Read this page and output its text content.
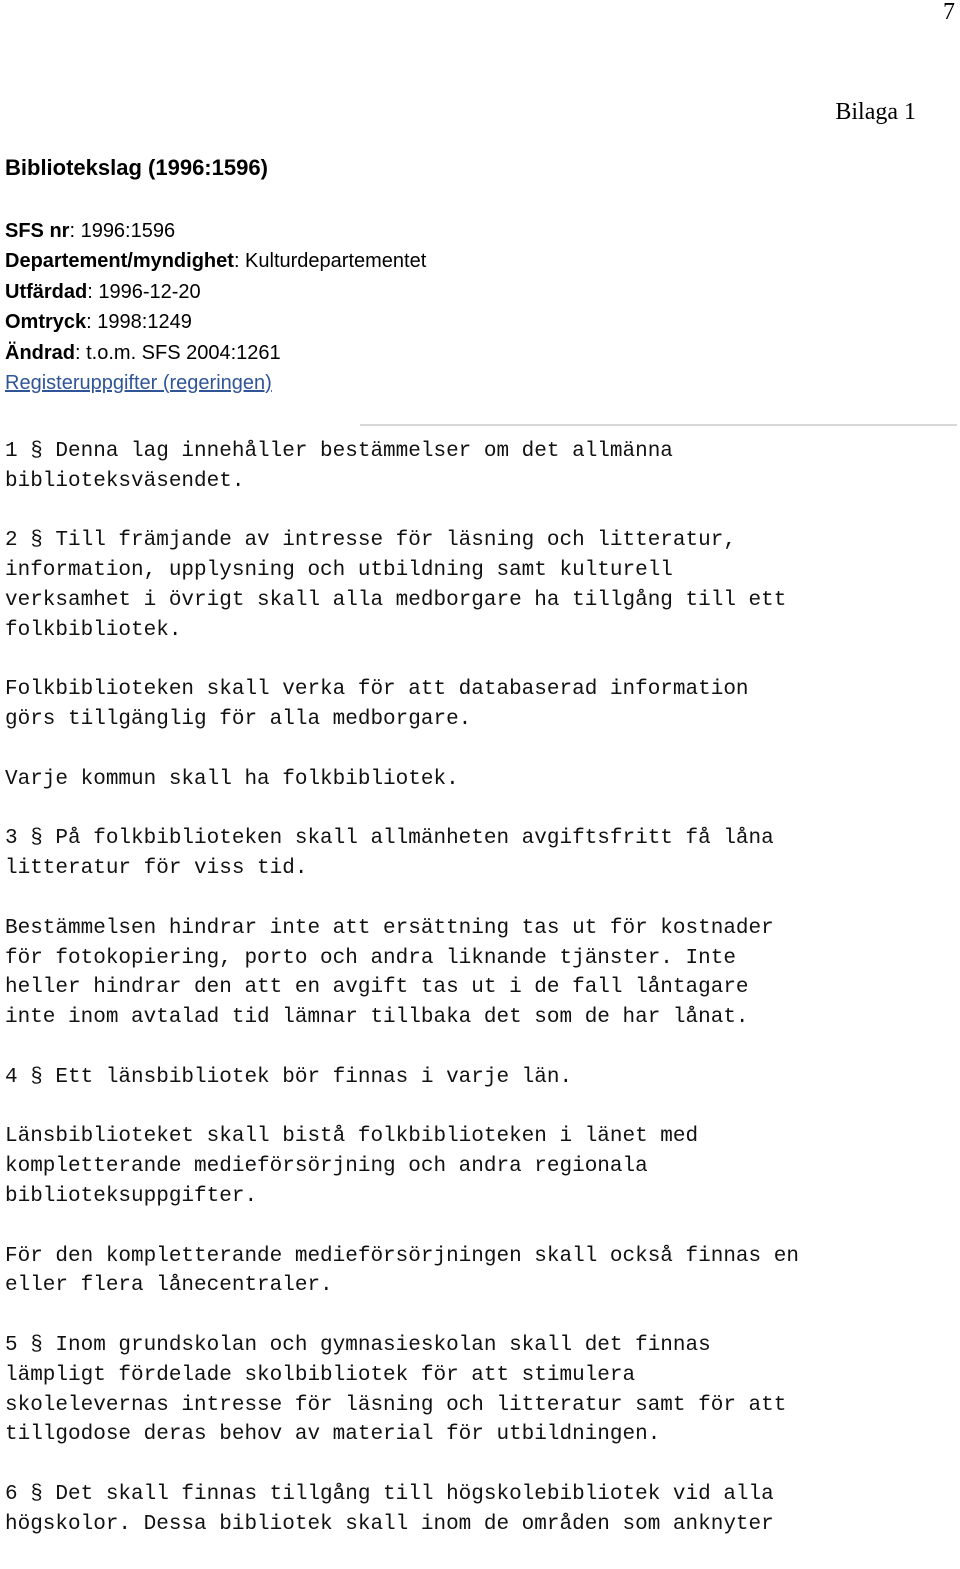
7
Bilaga 1
Bibliotekslag (1996:1596)
SFS nr: 1996:1596
Departement/myndighet: Kulturdepartementet
Utfärdad: 1996-12-20
Omtryck: 1998:1249
Ändrad: t.o.m. SFS 2004:1261
Registeruppgifter (regeringen)

1 § Denna lag innehåller bestämmelser om det allmänna
biblioteksväsendet.

2 § Till främjande av intresse för läsning och litteratur,
information, upplysning och utbildning samt kulturell
verksamhet i övrigt skall alla medborgare ha tillgång till ett
folkbibliotek.

Folkbiblioteken skall verka för att databaserad information
görs tillgänglig för alla medborgare.

Varje kommun skall ha folkbibliotek.

3 § På folkbiblioteken skall allmänheten avgiftsfritt få låna
litteratur för viss tid.

Bestämmelsen hindrar inte att ersättning tas ut för kostnader
för fotokopiering, porto och andra liknande tjänster. Inte
heller hindrar den att en avgift tas ut i de fall låntagare
inte inom avtalad tid lämnar tillbaka det som de har lånat.

4 § Ett länsbibliotek bör finnas i varje län.

Länsbiblioteket skall bistå folkbiblioteken i länet med
kompletterande medieförsörjning och andra regionala
biblioteksuppgifter.

För den kompletterande medieförsörjningen skall också finnas en
eller flera lånecentraler.

5 § Inom grundskolan och gymnasieskolan skall det finnas
lämpligt fördelade skolbibliotek för att stimulera
skolelevernas intresse för läsning och litteratur samt för att
tillgodose deras behov av material för utbildningen.

6 § Det skall finnas tillgång till högskolebibliotek vid alla
högskolor. Dessa bibliotek skall inom de områden som anknyter
